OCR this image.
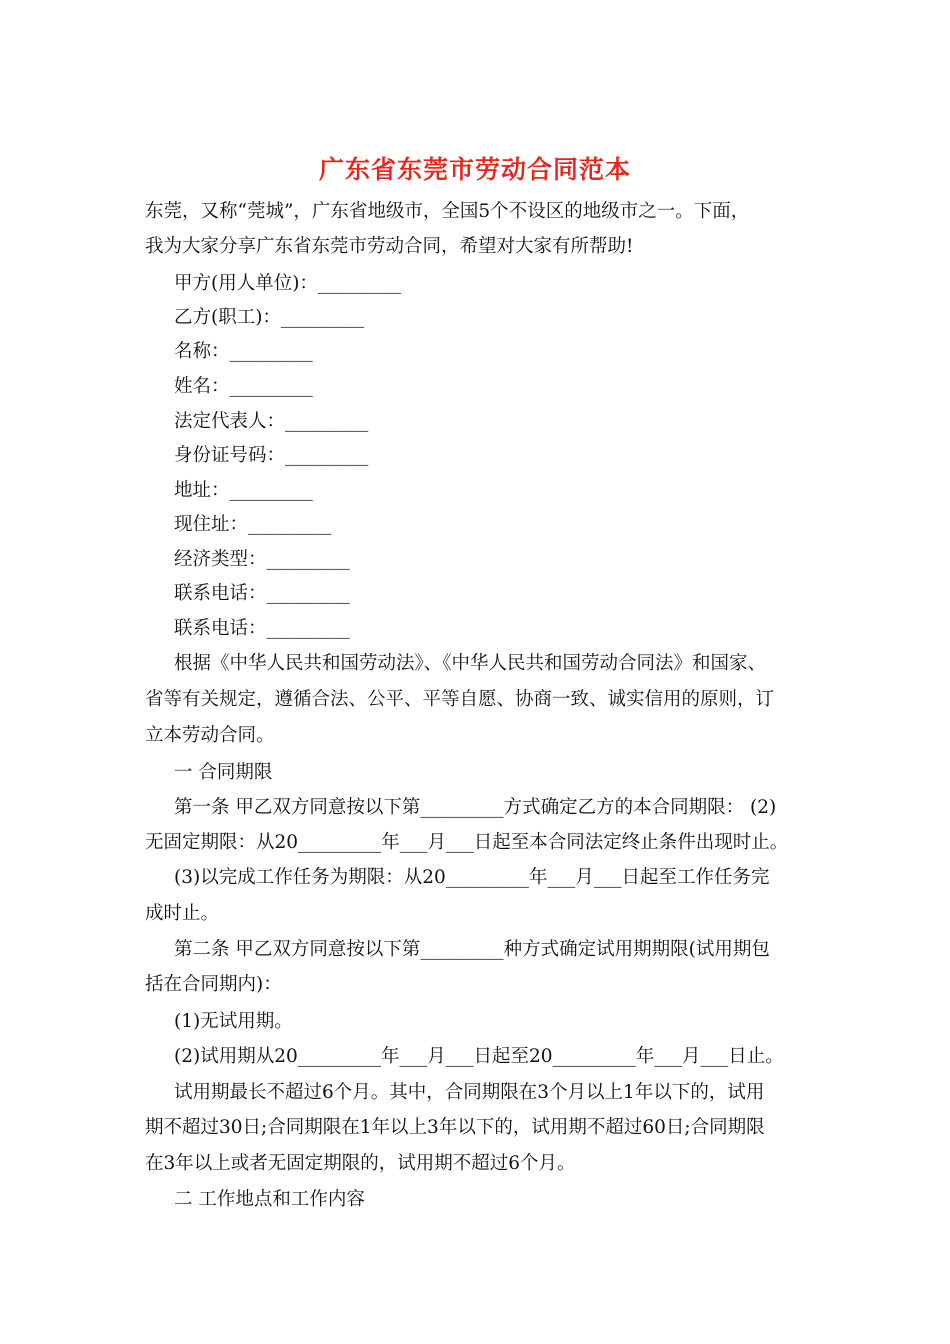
广东省东莞市劳动合同范本
东莞，又称“莞城”，广东省地级市，全国5个不设区的地级市之一。下面，
我为大家分享广东省东莞市劳动合同，希望对大家有所帮助!
甲方(用人单位)：_________
乙方(职工)：_________
名称：_________
姓名：_________
法定代表人：_________
身份证号码：_________
地址：_________
现住址：_________
经济类型：_________
联系电话：_________
联系电话：_________
根据《中华人民共和国劳动法》、《中华人民共和国劳动合同法》和国家、
省等有关规定，遵循合法、公平、平等自愿、协商一致、诚实信用的原则，订
立本劳动合同。
一 合同期限
第一条 甲乙双方同意按以下第_________方式确定乙方的本合同期限： (2)
无固定期限：从20_________年___月___日起至本合同法定终止条件出现时止。
(3)以完成工作任务为期限：从20_________年___月___日起至工作任务完
成时止。
第二条 甲乙双方同意按以下第_________种方式确定试用期期限(试用期包
括在合同期内)：
(1)无试用期。
(2)试用期从20_________年___月___日起至20_________年___月___日止。
试用期最长不超过6个月。其中，合同期限在3个月以上1年以下的，试用
期不超过30日;合同期限在1年以上3年以下的，试用期不超过60日;合同期限
在3年以上或者无固定期限的，试用期不超过6个月。
二 工作地点和工作内容
